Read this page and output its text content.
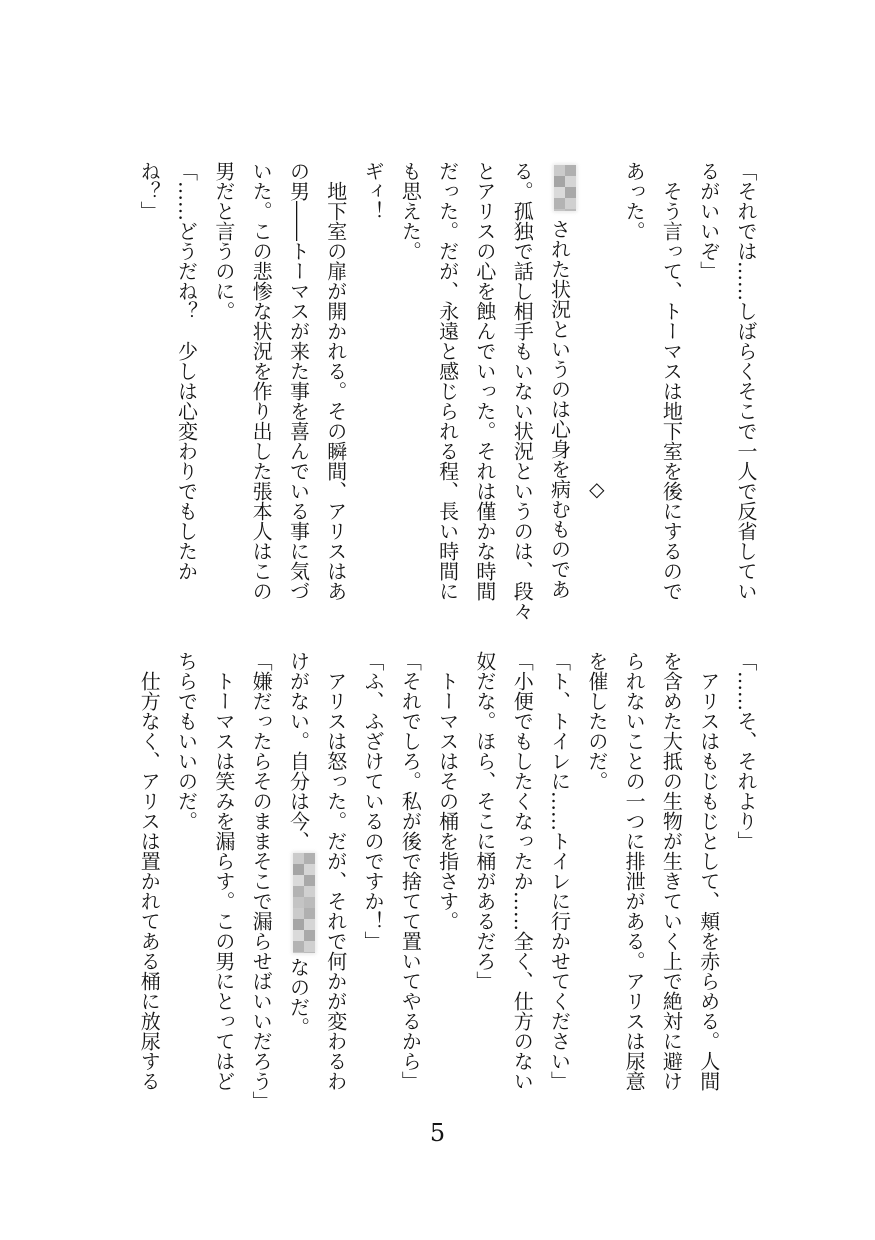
「それでは……しばらくそこで一人で反省してい

るがいいぞ」

　そう言って、トーマスは地下室を後にするので

あった。

◇

された状況というのは心身を病むものであ

る。孤独で話し相手もいない状況というのは、段々

とアリスの心を蝕んでいった。それは僅かな時間

だった。だが、永遠と感じられる程、長い時間に

も思えた。

ギィ！

　地下室の扉が開かれる。その瞬間、アリスはあ

の男――トーマスが来た事を喜んでいる事に気づ

いた。この悲惨な状況を作り出した張本人はこの

男だと言うのに。

「……どうだね？　少しは心変わりでもしたか

ね？」

「……そ、それより」

　アリスはもじもじとして、頬を赤らめる。人間

を含めた大抵の生物が生きていく上で絶対に避け

られないことの一つに排泄がある。アリスは尿意

を催したのだ。

「ト、トイレに……トイレに行かせてください」

「小便でもしたくなったか……全く、仕方のない

奴だな。ほら、そこに桶があるだろ」

　トーマスはその桶を指さす。

「それでしろ。私が後で捨てて置いてやるから」

「ふ、ふざけているのですか！」

　アリスは怒った。だが、それで何かが変わるわ

けがない。自分は今、なのだ。

「嫌だったらそのままそこで漏らせばいいだろう」

　トーマスは笑みを漏らす。この男にとってはど

ちらでもいいのだ。

　仕方なく、アリスは置かれてある桶に放尿する

5
